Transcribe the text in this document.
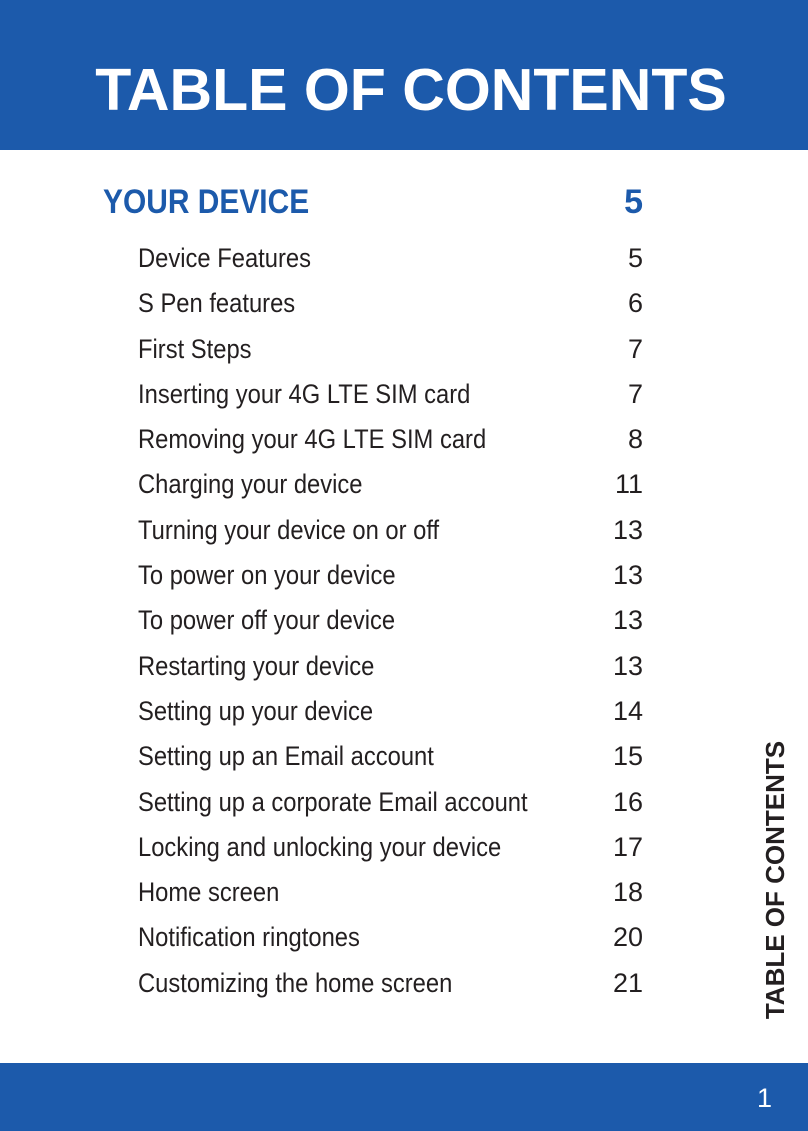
TABLE OF CONTENTS
YOUR DEVICE	5
Device Features	5
S Pen features	6
First Steps	7
Inserting your 4G LTE SIM card	7
Removing your 4G LTE SIM card	8
Charging your device	11
Turning your device on or off	13
To power on your device	13
To power off your device	13
Restarting your device	13
Setting up your device	14
Setting up an Email account	15
Setting up a corporate Email account	16
Locking and unlocking your device	17
Home screen	18
Notification ringtones	20
Customizing the home screen	21	TABLE OF CONTENTS
1
